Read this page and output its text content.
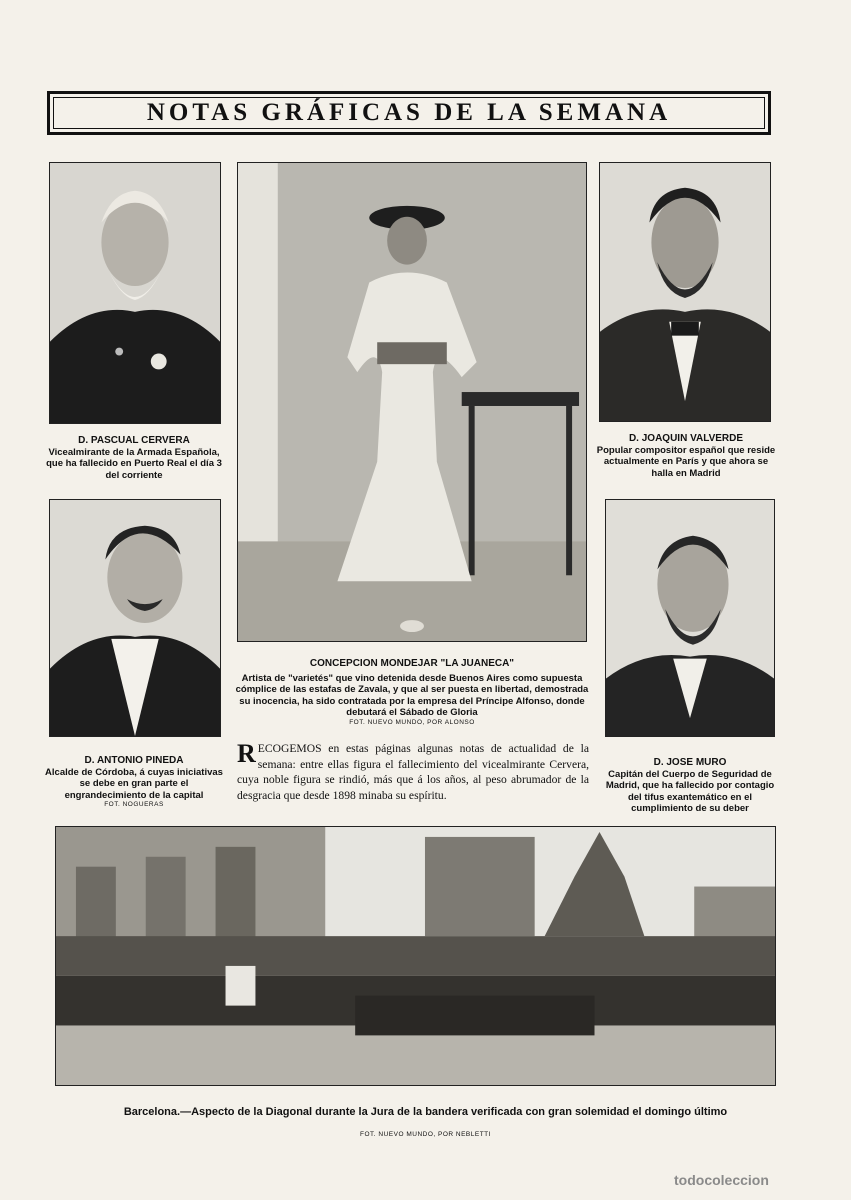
NOTAS GRÁFICAS DE LA SEMANA
D. PASCUAL CERVERA
Vicealmirante de la Armada Española, que ha fallecido en Puerto Real el día 3 del corriente
CONCEPCION MONDEJAR "LA JUANECA"
Artista de "varietés" que vino detenida desde Buenos Aires como supuesta cómplice de las estafas de Zavala, y que al ser puesta en libertad, demostrada su inocencia, ha sido contratada por la empresa del Príncipe Alfonso, donde debutará el Sábado de Gloria
FOT. NUEVO MUNDO, POR ALONSO
D. JOAQUIN VALVERDE
Popular compositor español que reside actualmente en París y que ahora se halla en Madrid
D. ANTONIO PINEDA
Alcalde de Córdoba, á cuyas iniciativas se debe en gran parte el engrandecimiento de la capital
FOT. NOGUERAS
D. JOSE MURO
Capitán del Cuerpo de Seguridad de Madrid, que ha fallecido por contagio del tifus exantemático en el cumplimiento de su deber
RECOGEMOS en estas páginas algunas notas de actualidad de la semana: entre ellas figura el fallecimiento del vicealmirante Cervera, cuya noble figura se rindió, más que á los años, al peso abrumador de la desgracia que desde 1898 minaba su espíritu.
Barcelona.—Aspecto de la Diagonal durante la Jura de la bandera verificada con gran solemidad el domingo último
FOT. NUEVO MUNDO, POR NEBLETTI
todocoleccion
